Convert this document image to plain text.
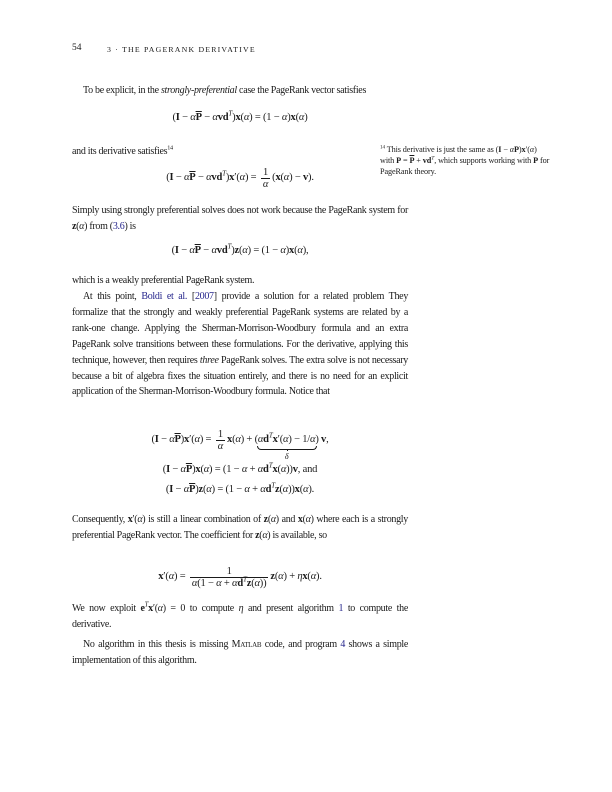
54	3 · THE PAGERANK DERIVATIVE
To be explicit, in the strongly-preferential case the PageRank vector satisfies
$(I - \alpha\overline{P} - \alpha vd^T)x(\alpha) = (1 - \alpha)x(\alpha)$
and its derivative satisfies$^{14}$
$(I - \alpha\overline{P} - \alpha vd^T)x'(\alpha) = \frac{1}{\alpha} (x(\alpha) - v)$.
$^{14}$ This derivative is just the same as (I − αP)x′(α) with $P = \overline{P} + vd^T$, which supports working with P for PageRank theory.
Simply using strongly preferential solves does not work because the PageRank system for z(α) from (3.6) is
$(I - \alpha\overline{P} - \alpha vd^T)z(\alpha) = (1 - \alpha)x(\alpha)$,
which is a weakly preferential PageRank system.
At this point, Boldi et al. [2007] provide a solution for a related problem They formalize that the strongly and weakly preferential PageRank systems are related by a rank-one change. Applying the Sherman-Morrison-Woodbury formula and an extra PageRank solve transitions between these formulations. For the derivative, applying this technique, however, then requires three PageRank solves. The extra solve is not necessary because a bit of algebra fixes the situation entirely, and there is no need for an explicit application of the Sherman-Morrison-Woodbury formula. Notice that
$(I - \alpha\overline{P})x'(\alpha) = \frac{1}{\alpha} x(\alpha) + (\alpha d^Tx'(\alpha) - 1/\alpha)$
δ
v,
$(I - \alpha\overline{P})x(\alpha) = (1 - \alpha + \alpha d^Tx(\alpha))v$, and
$(I - \alpha\overline{P})z(\alpha) = (1 - \alpha + \alpha d^Tz(\alpha))x(\alpha)$.
Consequently, x′(α) is still a linear combination of z(α) and x(α) where each is a strongly preferential PageRank vector. The coefficient for z(α) is available, so
$x'(\alpha) = \frac{1}{\alpha(1 - \alpha + \alpha d^Tz(\alpha))} z(\alpha) + \eta x(\alpha)$.
We now exploit $e^Tx'(\alpha) = 0$ to compute η and present algorithm 1 to compute the derivative.
No algorithm in this thesis is missing Matlab code, and program 4 shows a simple implementation of this algorithm.
